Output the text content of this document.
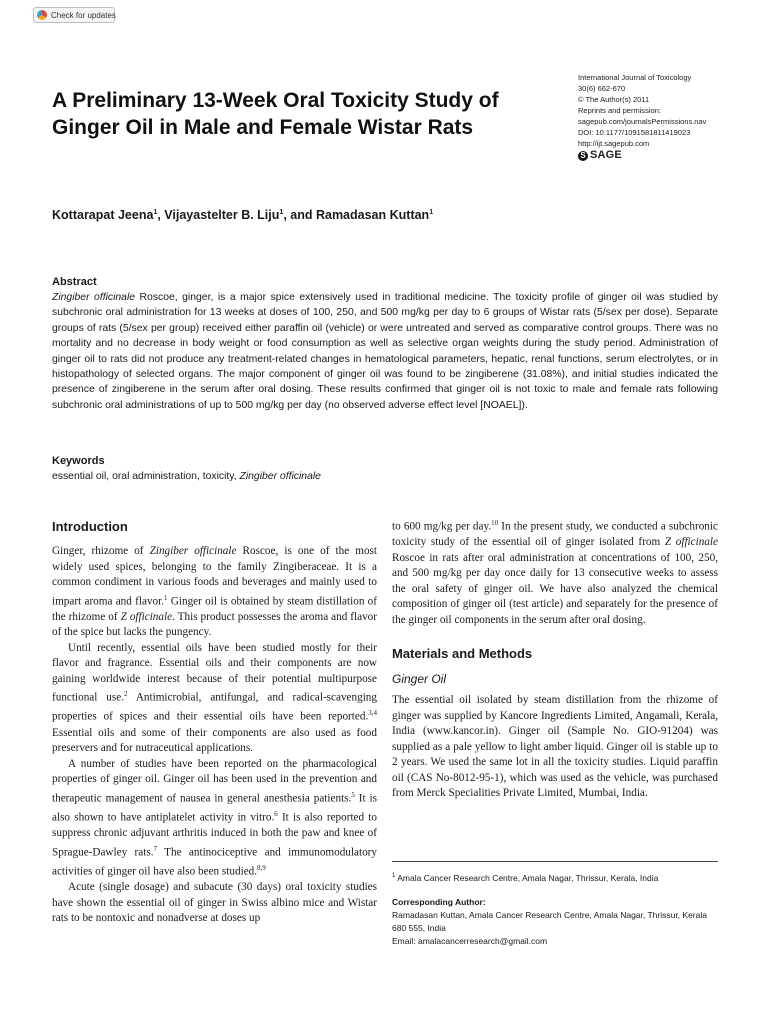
Check for updates
A Preliminary 13-Week Oral Toxicity Study of Ginger Oil in Male and Female Wistar Rats
International Journal of Toxicology
30(6) 662-670
© The Author(s) 2011
Reprints and permission:
sagepub.com/journalsPermissions.nav
DOI: 10.1177/1091581811419023
http://ijt.sagepub.com
S SAGE
Kottarapat Jeena$^1$, Vijayastelter B. Liju$^1$, and Ramadasan Kuttan$^1$
Abstract
Zingiber officinale Roscoe, ginger, is a major spice extensively used in traditional medicine. The toxicity profile of ginger oil was studied by subchronic oral administration for 13 weeks at doses of 100, 250, and 500 mg/kg per day to 6 groups of Wistar rats (5/sex per dose). Separate groups of rats (5/sex per group) received either paraffin oil (vehicle) or were untreated and served as comparative control groups. There was no mortality and no decrease in body weight or food consumption as well as selective organ weights during the study period. Administration of ginger oil to rats did not produce any treatment-related changes in hematological parameters, hepatic, renal functions, serum electrolytes, or in histopathology of selected organs. The major component of ginger oil was found to be zingiberene (31.08%), and initial studies indicated the presence of zingiberene in the serum after oral dosing. These results confirmed that ginger oil is not toxic to male and female rats following subchronic oral administrations of up to 500 mg/kg per day (no observed adverse effect level [NOAEL]).
Keywords
essential oil, oral administration, toxicity, Zingiber officinale
Introduction

Ginger, rhizome of Zingiber officinale Roscoe, is one of the most widely used spices, belonging to the family Zingiberaceae. It is a common condiment in various foods and beverages and mainly used to impart aroma and flavor.$^1$ Ginger oil is obtained by steam distillation of the rhizome of Z officinale. This product possesses the aroma and flavor of the spice but lacks the pungency.

Until recently, essential oils have been studied mostly for their flavor and fragrance. Essential oils and their components are now gaining worldwide interest because of their potential multipurpose functional use.$^2$ Antimicrobial, antifungal, and radical-scavenging properties of spices and their essential oils have been reported.$^{3,4}$ Essential oils and some of their components are also used as food preservers and for nutraceutical applications.

A number of studies have been reported on the pharmacological properties of ginger oil. Ginger oil has been used in the prevention and therapeutic management of nausea in general anesthesia patients.$^5$ It is also shown to have antiplatelet activity in vitro.$^6$ It is also reported to suppress chronic adjuvant arthritis induced in both the paw and knee of Sprague-Dawley rats.$^7$ The antinociceptive and immunomodulatory activities of ginger oil have also been studied.$^{8,9}$

Acute (single dosage) and subacute (30 days) oral toxicity studies have shown the essential oil of ginger in Swiss albino mice and Wistar rats to be nontoxic and nonadverse at doses up

to 600 mg/kg per day.$^{10}$ In the present study, we conducted a subchronic toxicity study of the essential oil of ginger isolated from Z officinale Roscoe in rats after oral administration at concentrations of 100, 250, and 500 mg/kg per day once daily for 13 consecutive weeks to assess the oral safety of ginger oil. We have also analyzed the chemical composition of ginger oil (test article) and separately for the presence of the ginger oil components in the serum after oral dosing.

Materials and Methods
Ginger Oil

The essential oil isolated by steam distillation from the rhizome of ginger was supplied by Kancore Ingredients Limited, Angamali, Kerala, India (www.kancor.in). Ginger oil (Sample No. GIO-91204) was supplied as a pale yellow to light amber liquid. Ginger oil is stable up to 2 years. We used the same lot in all the toxicity studies. Liquid paraffin oil (CAS No-8012-95-1), which was used as the vehicle, was purchased from Merck Specialities Private Limited, Mumbai, India.

$^1$ Amala Cancer Research Centre, Amala Nagar, Thrissur, Kerala, India
Corresponding Author:
Ramadasan Kuttan, Amala Cancer Research Centre, Amala Nagar, Thrissur, Kerala 680 555, India
Email: amalacancerresearch@gmail.com
